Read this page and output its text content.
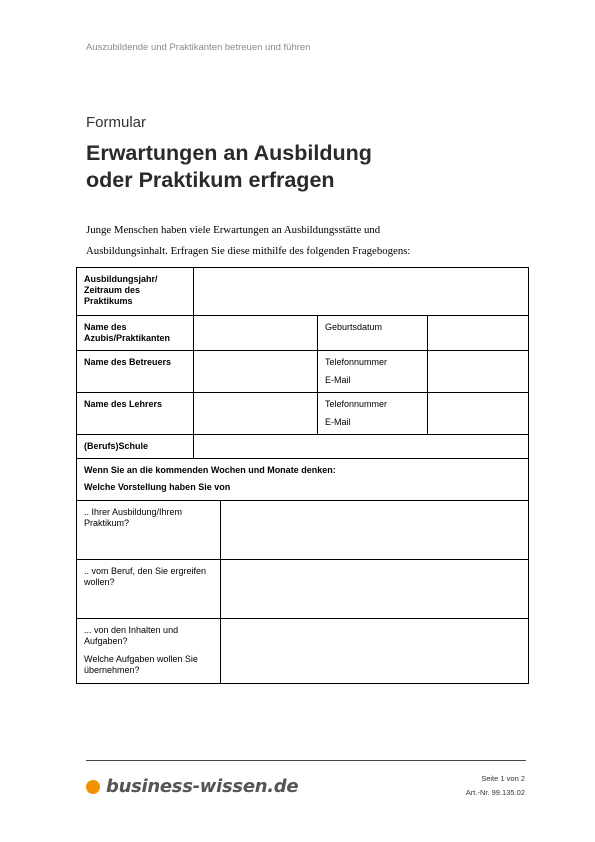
Auszubildende und Praktikanten betreuen und führen
Formular
Erwartungen an Ausbildung
oder Praktikum erfragen
Junge Menschen haben viele Erwartungen an Ausbildungsstätte und
Ausbildungsinhalt. Erfragen Sie diese mithilfe des folgenden Fragebogens:
Ausbildungsjahr/ Zeitraum des Praktikums				
Name des Azubis/Praktikanten			Geburtsdatum	
Name des Betreuers			Telefonnummer
E-Mail	

Name des Lehrers			Telefonnummer
E-Mail	

(Berufs)Schule				
Wenn Sie an die kommenden Wochen und Monate denken:
Welche Vorstellung haben Sie von				

.. Ihrer Ausbildung/Ihrem Praktikum?				
.. vom Beruf, den Sie ergreifen wollen?				

... von den Inhalten und Aufgaben?
Welche Aufgaben wollen Sie übernehmen?				

business-wissen.de	Seite 1 von 2
Art.-Nr. 99.135.02
